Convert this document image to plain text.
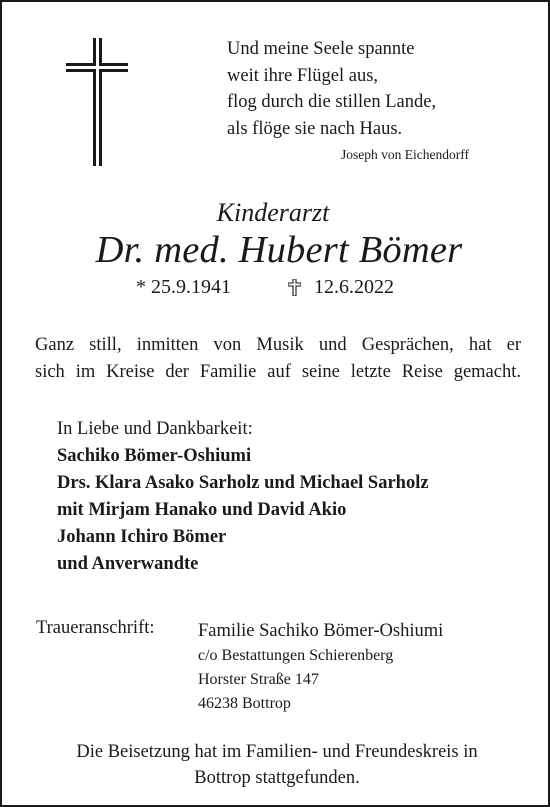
Und meine Seele spannte
weit ihre Flügel aus,
flog durch die stillen Lande,
als flöge sie nach Haus.
Joseph von Eichendorff
Kinderarzt
Dr. med. Hubert Bömer
* 25.9.1941	12.6.2022
Ganz still, inmitten von Musik und Gesprächen, hat er
sich im Kreise der Familie auf seine letzte Reise gemacht.
In Liebe und Dankbarkeit:
Sachiko Bömer-Oshiumi
Drs. Klara Asako Sarholz und Michael Sarholz
mit Mirjam Hanako und David Akio
Johann Ichiro Bömer
und Anverwandte
Traueranschrift: Familie Sachiko Bömer-Oshiumi
c/o Bestattungen Schierenberg
Horster Straße 147
46238 Bottrop
Die Beisetzung hat im Familien- und Freundeskreis in
Bottrop stattgefunden.
